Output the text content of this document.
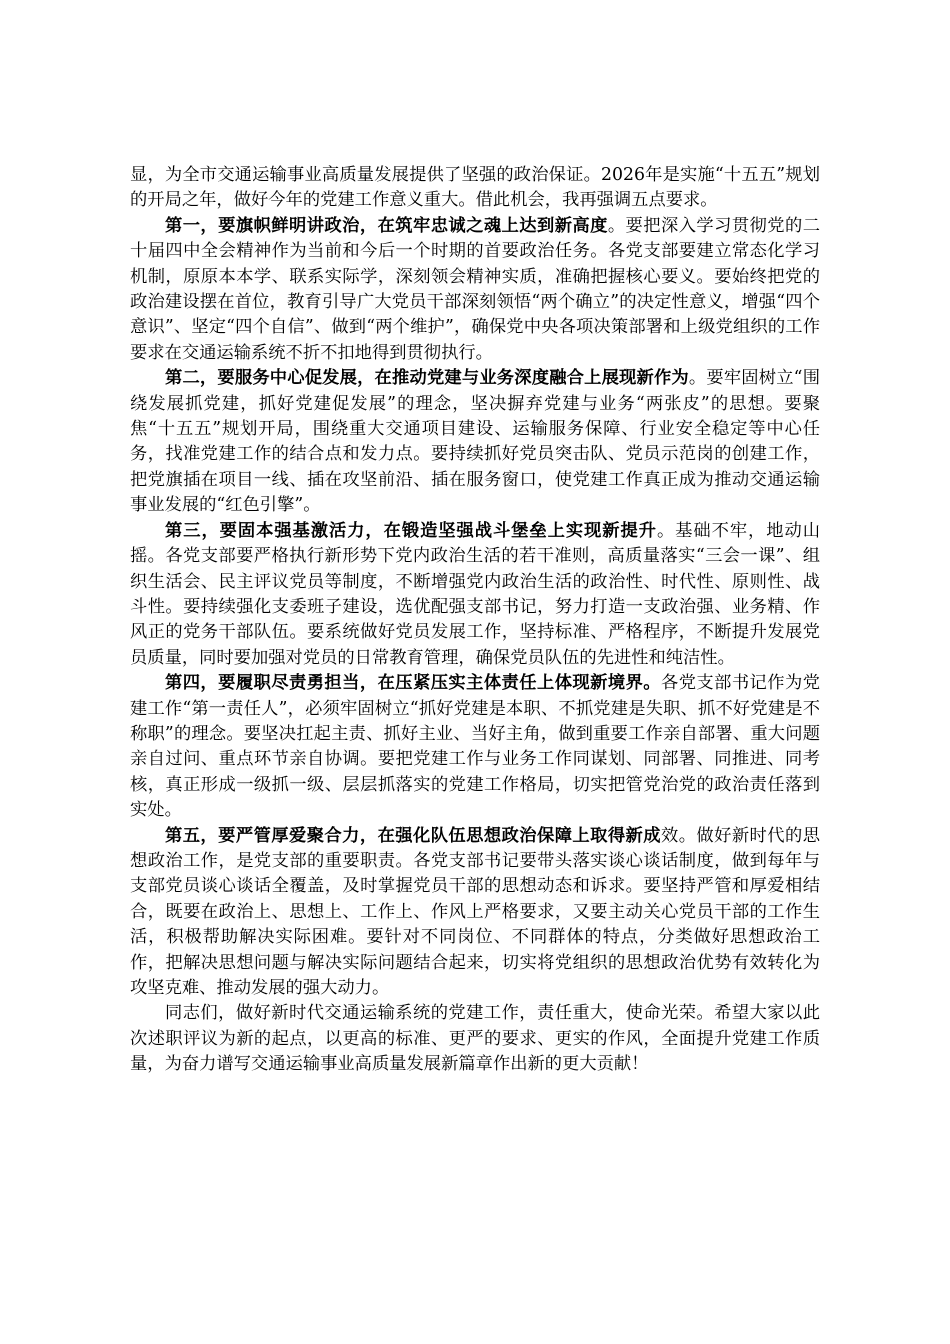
显，为全市交通运输事业高质量发展提供了坚强的政治保证。2026年是实施“十五五”规划的开局之年，做好今年的党建工作意义重大。借此机会，我再强调五点要求。

第一，要旗帜鲜明讲政治，在筑牢忠诚之魂上达到新高度。要把深入学习贯彻党的二十届四中全会精神作为当前和今后一个时期的首要政治任务。各党支部要建立常态化学习机制，原原本本学、联系实际学，深刻领会精神实质，准确把握核心要义。要始终把党的政治建设摆在首位，教育引导广大党员干部深刻领悟“两个确立”的决定性意义，增强“四个意识”、坚定“四个自信”、做到“两个维护”，确保党中央各项决策部署和上级党组织的工作要求在交通运输系统不折不扣地得到贯彻执行。

第二，要服务中心促发展，在推动党建与业务深度融合上展现新作为。要牢固树立“围绕发展抓党建，抓好党建促发展”的理念，坚决摒弃党建与业务“两张皮”的思想。要聚焦“十五五”规划开局，围绕重大交通项目建设、运输服务保障、行业安全稳定等中心任务，找准党建工作的结合点和发力点。要持续抓好党员突击队、党员示范岗的创建工作，把党旗插在项目一线、插在攻坚前沿、插在服务窗口，使党建工作真正成为推动交通运输事业发展的“红色引擎”。

第三，要固本强基激活力，在锻造坚强战斗堡垒上实现新提升。基础不牢，地动山摇。各党支部要严格执行新形势下党内政治生活的若干准则，高质量落实“三会一课”、组织生活会、民主评议党员等制度，不断增强党内政治生活的政治性、时代性、原则性、战斗性。要持续强化支委班子建设，选优配强支部书记，努力打造一支政治强、业务精、作风正的党务干部队伍。要系统做好党员发展工作，坚持标准、严格程序，不断提升发展党员质量，同时要加强对党员的日常教育管理，确保党员队伍的先进性和纯洁性。

第四，要履职尽责勇担当，在压紧压实主体责任上体现新境界。各党支部书记作为党建工作“第一责任人”，必须牢固树立“抓好党建是本职、不抓党建是失职、抓不好党建是不称职”的理念。要坚决扛起主责、抓好主业、当好主角，做到重要工作亲自部署、重大问题亲自过问、重点环节亲自协调。要把党建工作与业务工作同谋划、同部署、同推进、同考核，真正形成一级抓一级、层层抓落实的党建工作格局，切实把管党治党的政治责任落到实处。

第五，要严管厚爱聚合力，在强化队伍思想政治保障上取得新成效。做好新时代的思想政治工作，是党支部的重要职责。各党支部书记要带头落实谈心谈话制度，做到每年与支部党员谈心谈话全覆盖，及时掌握党员干部的思想动态和诉求。要坚持严管和厚爱相结合，既要在政治上、思想上、工作上、作风上严格要求，又要主动关心党员干部的工作生活，积极帮助解决实际困难。要针对不同岗位、不同群体的特点，分类做好思想政治工作，把解决思想问题与解决实际问题结合起来，切实将党组织的思想政治优势有效转化为攻坚克难、推动发展的强大动力。

同志们，做好新时代交通运输系统的党建工作，责任重大，使命光荣。希望大家以此次述职评议为新的起点，以更高的标准、更严的要求、更实的作风，全面提升党建工作质量，为奋力谱写交通运输事业高质量发展新篇章作出新的更大贡献！
